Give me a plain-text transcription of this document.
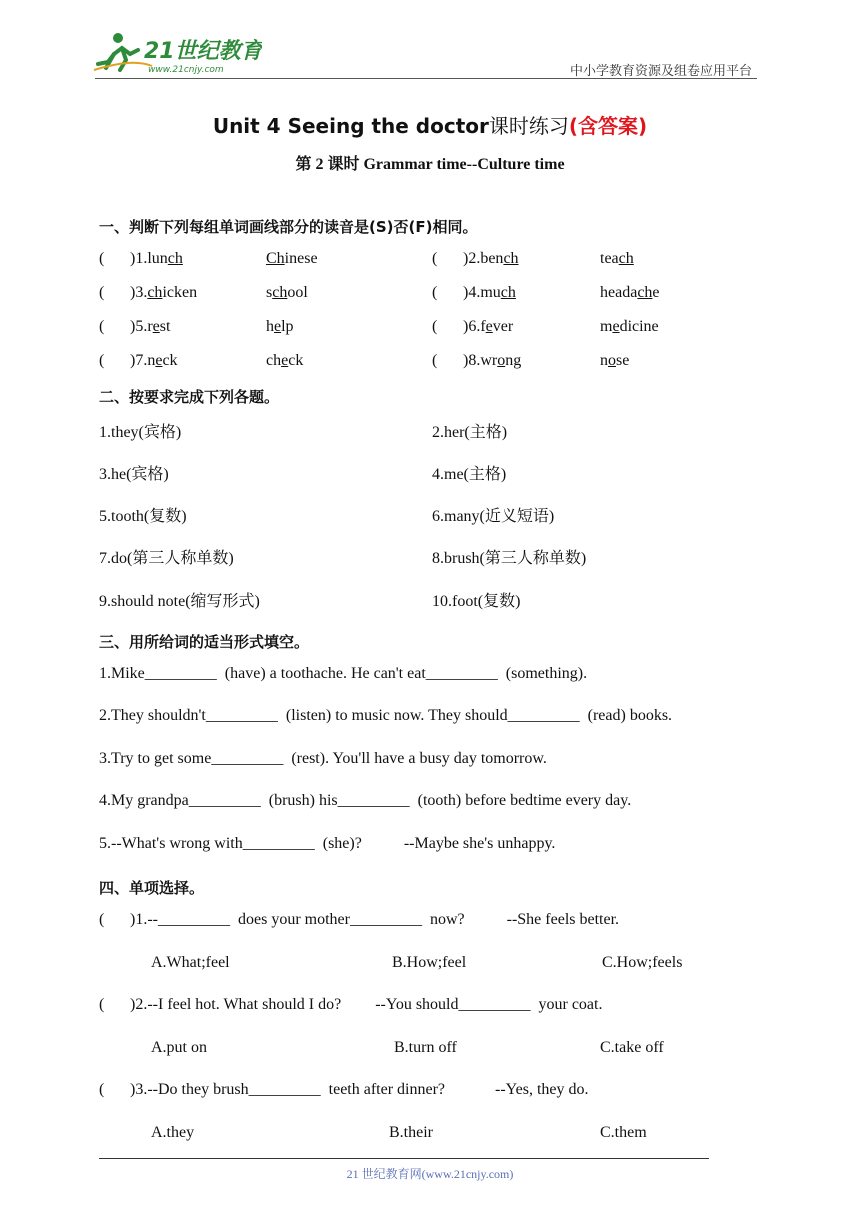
21世纪教育
www.21cnjy.com	中小学教育资源及组卷应用平台
Unit 4 Seeing the doctor课时练习(含答案)
第 2 课时 Grammar time--Culture time
一、判断下列每组单词画线部分的读音是(S)否(F)相同。
( )1.lunch	Chinese	( )2.bench	teach
( )3.chicken	school	( )4.much	headache
( )5.rest	help	( )6.fever	medicine
( )7.neck	check	( )8.wrong	nose
二、按要求完成下列各题。
1.they(宾格)	2.her(主格)
3.he(宾格)	4.me(主格)
5.tooth(复数)	6.many(近义短语)
7.do(第三人称单数)	8.brush(第三人称单数)
9.should note(缩写形式)	10.foot(复数)
三、用所给词的适当形式填空。
1.Mike_________  (have) a toothache. He can't eat_________  (something).
2.They shouldn't_________  (listen) to music now. They should_________  (read) books.
3.Try to get some_________  (rest). You'll have a busy day tomorrow.
4.My grandpa_________  (brush) his_________  (tooth) before bedtime every day.
5.--What's wrong with_________  (she)?	--Maybe she's unhappy.
四、单项选择。
( )1.--_________  does your mother_________  now?	--She feels better.
A.What;feel	B.How;feel	C.How;feels
( )2.--I feel hot. What should I do? --You should_________  your coat.
A.put on	B.turn off	C.take off
( )3.--Do they brush_________  teeth after dinner?	--Yes, they do.
A.they	B.their	C.them
21 世纪教育网(www.21cnjy.com)
